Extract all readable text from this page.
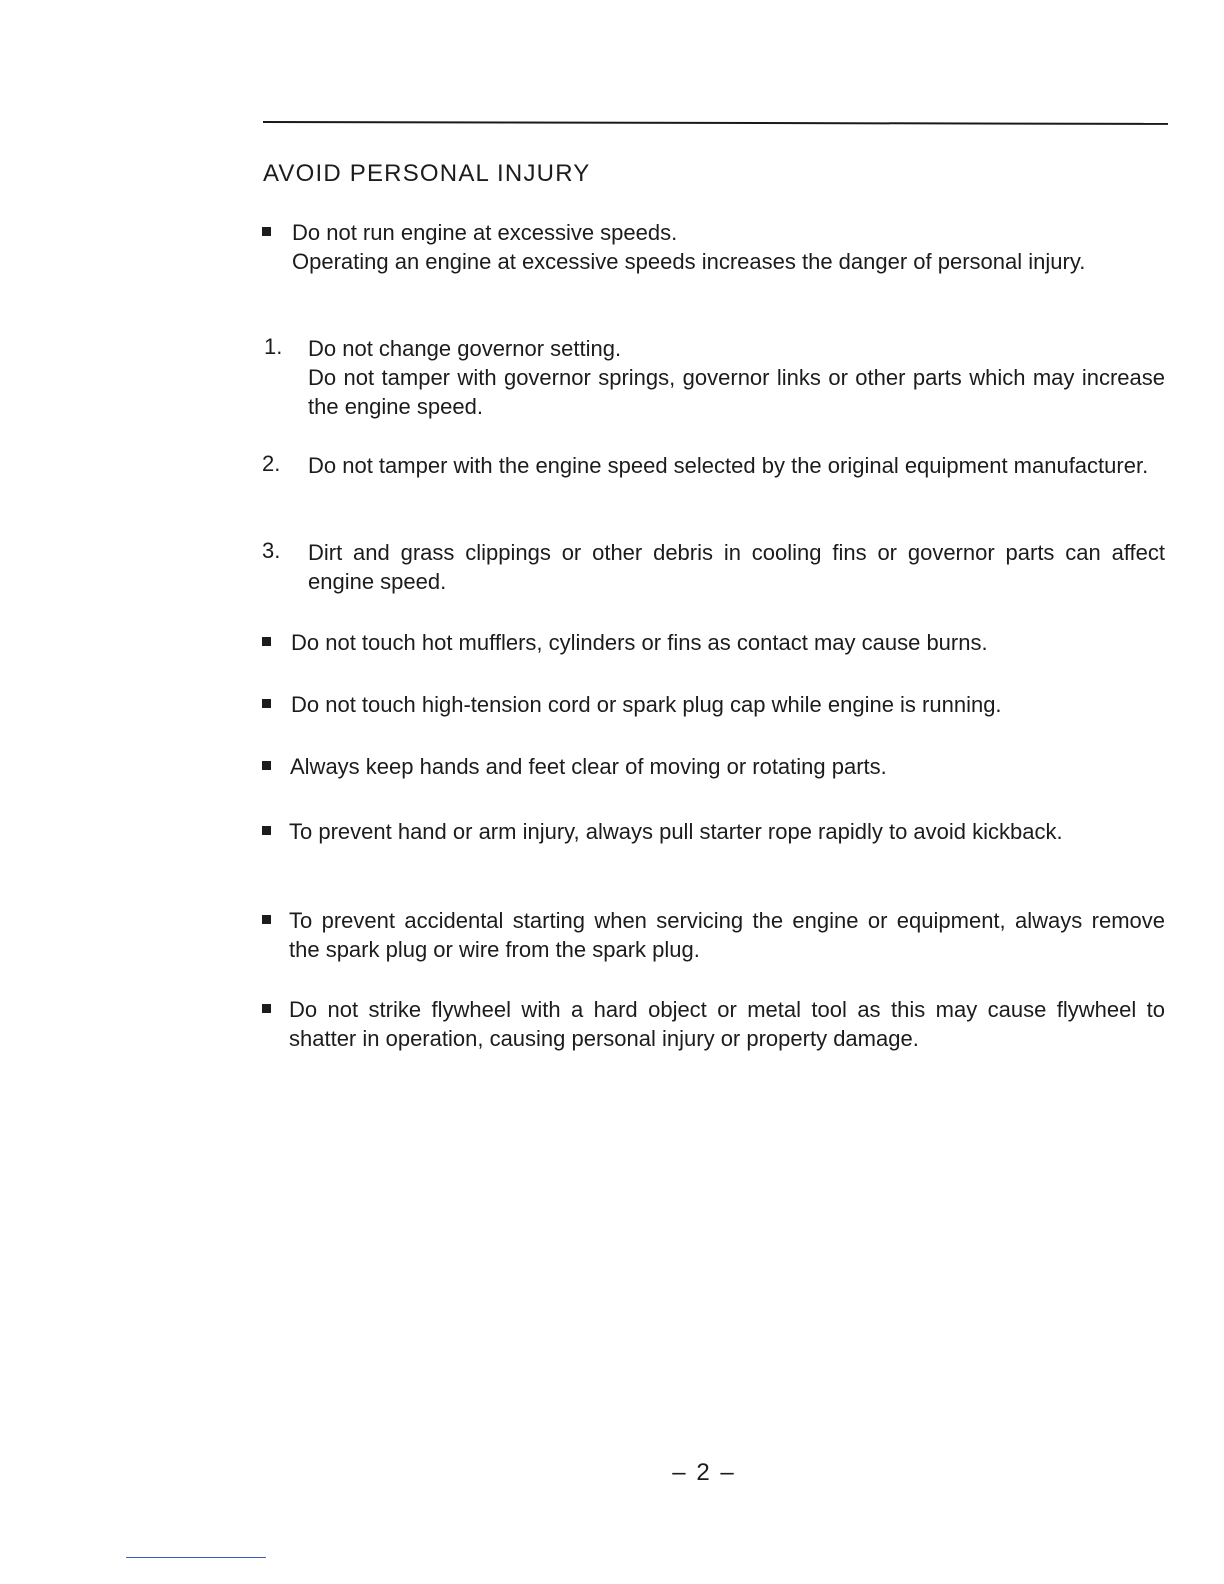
AVOID PERSONAL INJURY

Do not run engine at excessive speeds.

Operating an engine at excessive speeds increases the danger of personal injury.

1. Do not change governor setting.

Do not tamper with governor springs, governor links or other parts which may increase the engine speed.

2. Do not tamper with the engine speed selected by the original equipment manufacturer.

3. Dirt and grass clippings or other debris in cooling fins or governor parts can affect engine speed.

Do not touch hot mufflers, cylinders or fins as contact may cause burns.

Do not touch high-tension cord or spark plug cap while engine is running.

Always keep hands and feet clear of moving or rotating parts.

To prevent hand or arm injury, always pull starter rope rapidly to avoid kickback.

To prevent accidental starting when servicing the engine or equipment, always remove the spark plug or wire from the spark plug.

Do not strike flywheel with a hard object or metal tool as this may cause flywheel to shatter in operation, causing personal injury or property damage.

– 2 –
